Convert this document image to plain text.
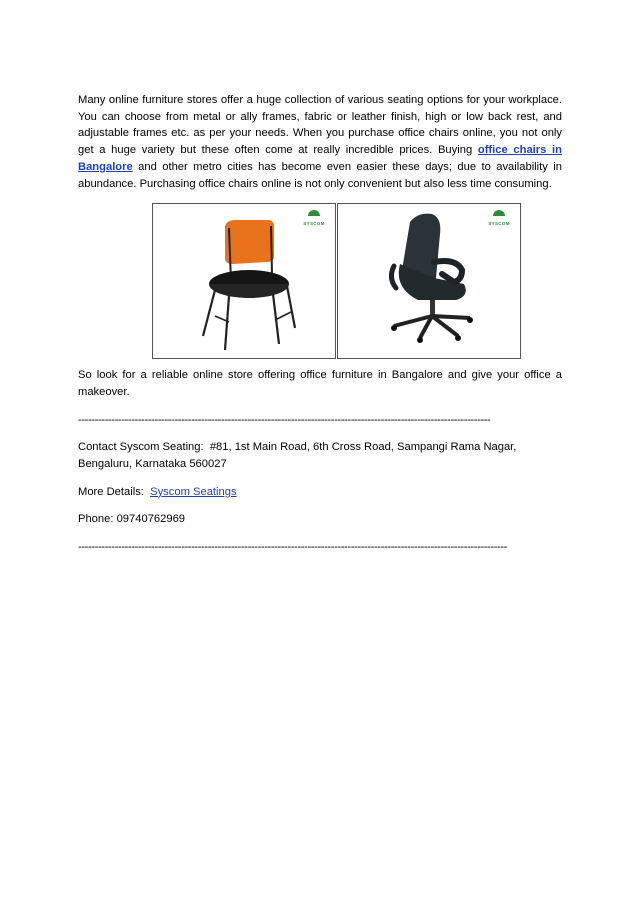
Many online furniture stores offer a huge collection of various seating options for your workplace. You can choose from metal or ally frames, fabric or leather finish, high or low back rest, and adjustable frames etc. as per your needs. When you purchase office chairs online, you not only get a huge variety but these often come at really incredible prices. Buying office chairs in Bangalore and other metro cities has become even easier these days; due to availability in abundance. Purchasing office chairs online is not only convenient but also less time consuming.

SYSCOM	SYSCOM

So look for a reliable online store offering office furniture in Bangalore and give your office a makeover.

----------------------------------------------------------------------------------------------------------------------------
Contact Syscom Seating: #81, 1st Main Road, 6th Cross Road, Sampangi Rama Nagar,
Bengaluru, Karnataka 560027
More Details: Syscom Seatings
Phone: 09740762969
---------------------------------------------------------------------------------------------------------------------------------
